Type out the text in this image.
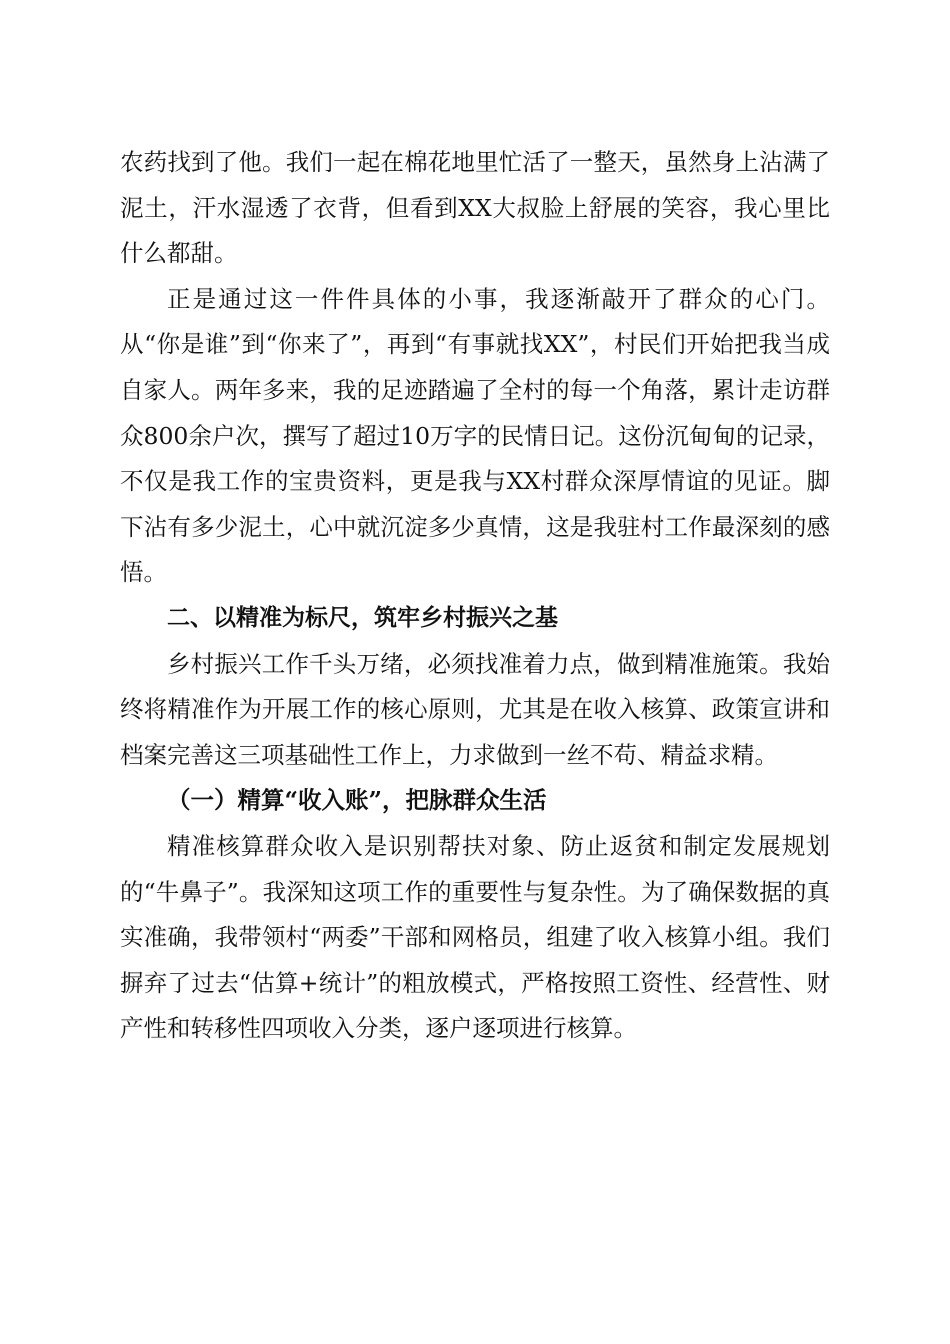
农药找到了他。我们一起在棉花地里忙活了一整天，虽然身上沾满了泥土，汗水湿透了衣背，但看到XX大叔脸上舒展的笑容，我心里比什么都甜。

正是通过这一件件具体的小事，我逐渐敲开了群众的心门。从“你是谁”到“你来了”，再到“有事就找XX”，村民们开始把我当成自家人。两年多来，我的足迹踏遍了全村的每一个角落，累计走访群众800余户次，撰写了超过10万字的民情日记。这份沉甸甸的记录，不仅是我工作的宝贵资料，更是我与XX村群众深厚情谊的见证。脚下沾有多少泥土，心中就沉淀多少真情，这是我驻村工作最深刻的感悟。

二、以精准为标尺，筑牢乡村振兴之基

乡村振兴工作千头万绪，必须找准着力点，做到精准施策。我始终将精准作为开展工作的核心原则，尤其是在收入核算、政策宣讲和档案完善这三项基础性工作上，力求做到一丝不苟、精益求精。

（一）精算“收入账”，把脉群众生活

精准核算群众收入是识别帮扶对象、防止返贫和制定发展规划的“牛鼻子”。我深知这项工作的重要性与复杂性。为了确保数据的真实准确，我带领村“两委”干部和网格员，组建了收入核算小组。我们摒弃了过去“估算+统计”的粗放模式，严格按照工资性、经营性、财产性和转移性四项收入分类，逐户逐项进行核算。
